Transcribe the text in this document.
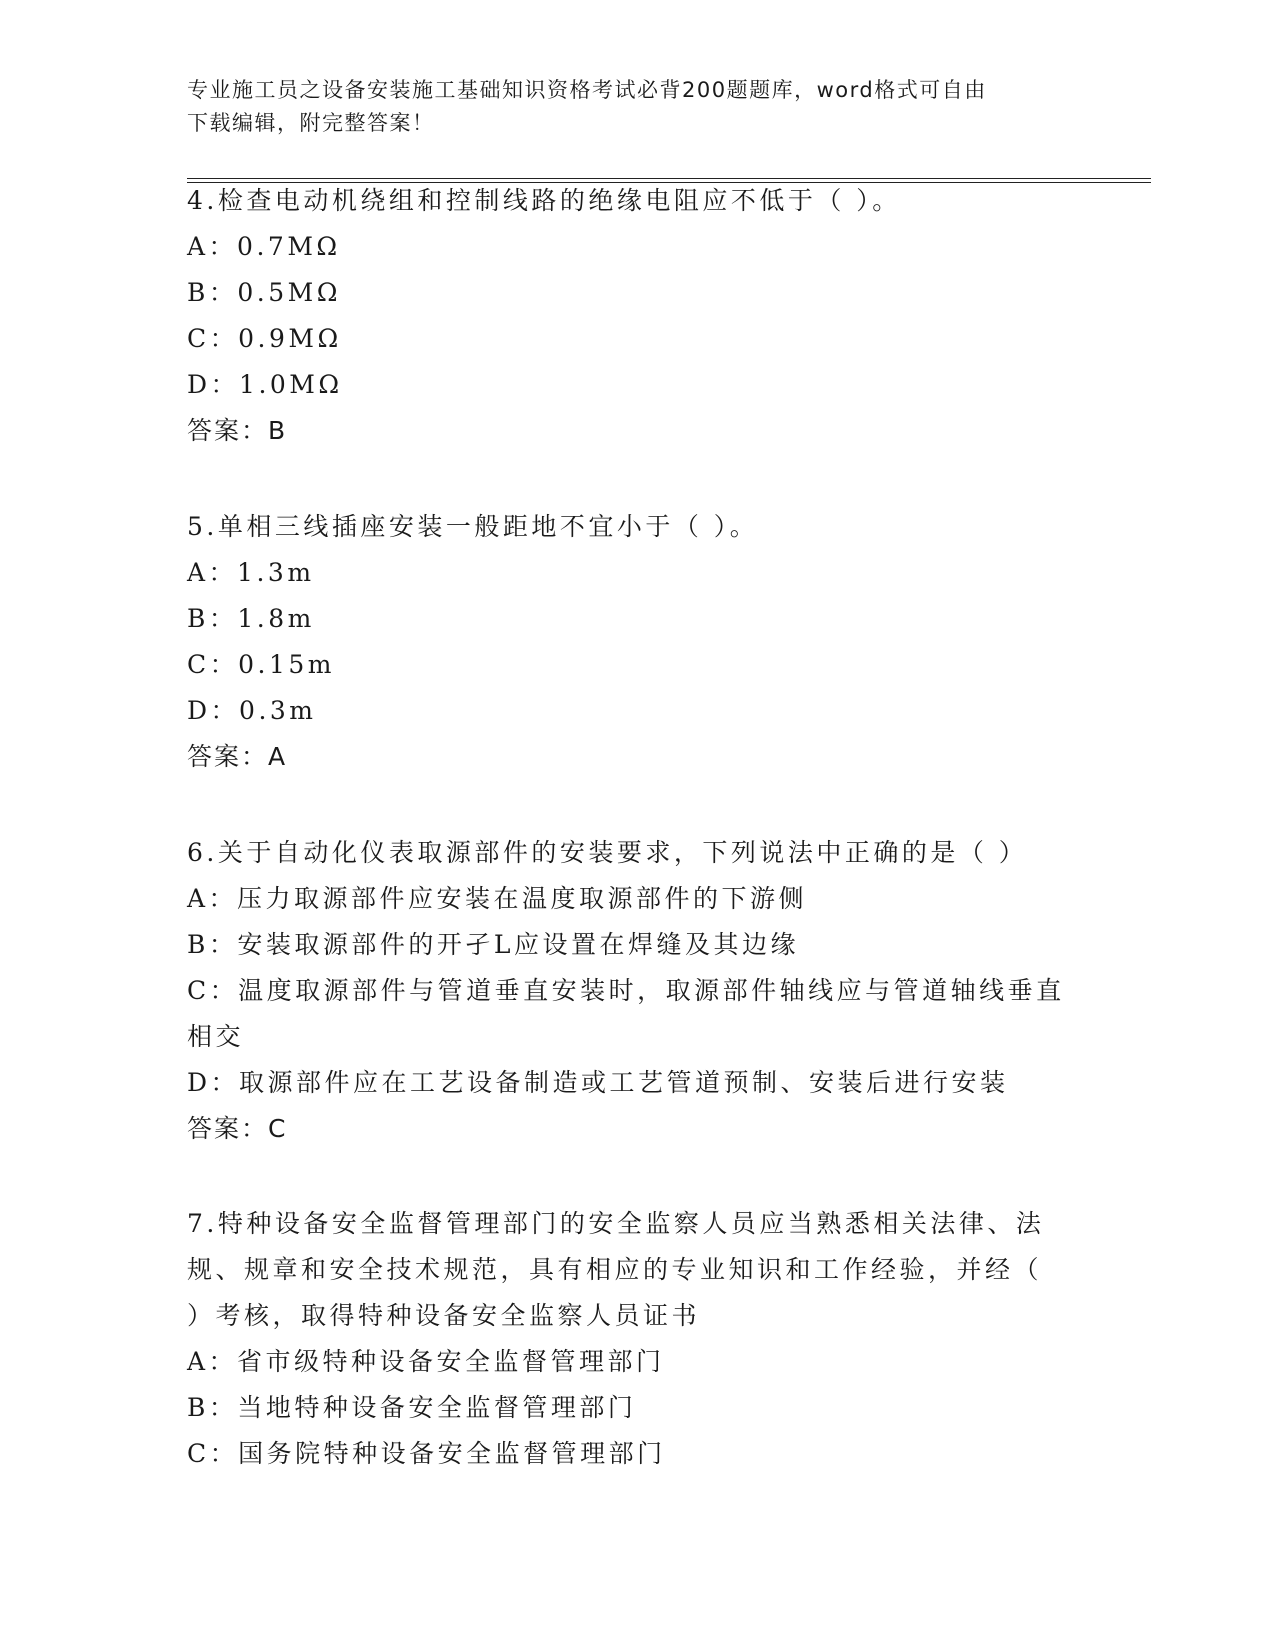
专业施工员之设备安装施工基础知识资格考试必背200题题库，word格式可自由
下载编辑，附完整答案！
4.检查电动机绕组和控制线路的绝缘电阻应不低于（ ）。
A：0.7MΩ
B：0.5MΩ
C：0.9MΩ
D：1.0MΩ
答案：B
5.单相三线插座安装一般距地不宜小于（ ）。
A：1.3m
B：1.8m
C：0.15m
D：0.3m
答案：A
6.关于自动化仪表取源部件的安装要求，下列说法中正确的是（ ）
A：压力取源部件应安装在温度取源部件的下游侧
B：安装取源部件的开孑L应设置在焊缝及其边缘
C：温度取源部件与管道垂直安装时，取源部件轴线应与管道轴线垂直
相交
D：取源部件应在工艺设备制造或工艺管道预制、安装后进行安装
答案：C
7.特种设备安全监督管理部门的安全监察人员应当熟悉相关法律、法
规、规章和安全技术规范，具有相应的专业知识和工作经验，并经（
）考核，取得特种设备安全监察人员证书
A：省市级特种设备安全监督管理部门
B：当地特种设备安全监督管理部门
C：国务院特种设备安全监督管理部门
